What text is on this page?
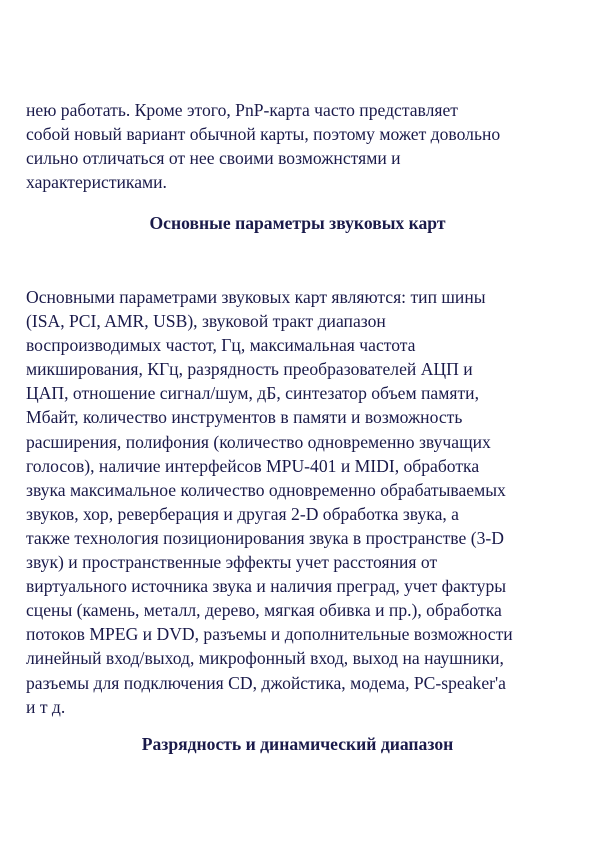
нею работать. Кроме этого, PnP-карта часто представляет
собой новый вариант обычной карты, поэтому может довольно
сильно отличаться от нее своими возможнстями и
характеристиками.
Основные параметры звуковых карт
Основными параметрами звуковых карт являются: тип шины
(ISA, PCI, AMR, USB), звуковой тракт диапазон
воспроизводимых частот, Гц, максимальная частота
микширования, КГц, разрядность преобразователей АЦП и
ЦАП, отношение сигнал/шум, дБ, синтезатор объем памяти,
Мбайт, количество инструментов в памяти и возможность
расширения, полифония (количество одновременно звучащих
голосов), наличие интерфейсов MPU-401 и MIDI, обработка
звука максимальное количество одновременно обрабатываемых
звуков, хор, реверберация и другая 2-D обработка звука, а
также технология позиционирования звука в пространстве (3-D
звук) и пространственные эффекты учет расстояния от
виртуального источника звука и наличия преград, учет фактуры
сцены (камень, металл, дерево, мягкая обивка и пр.), обработка
потоков MPEG и DVD, разъемы и дополнительные возможности
линейный вход/выход, микрофонный вход, выход на наушники,
разъемы для подключения CD, джойстика, модема, PC-speaker'а
и т д.
Разрядность и динамический диапазон
